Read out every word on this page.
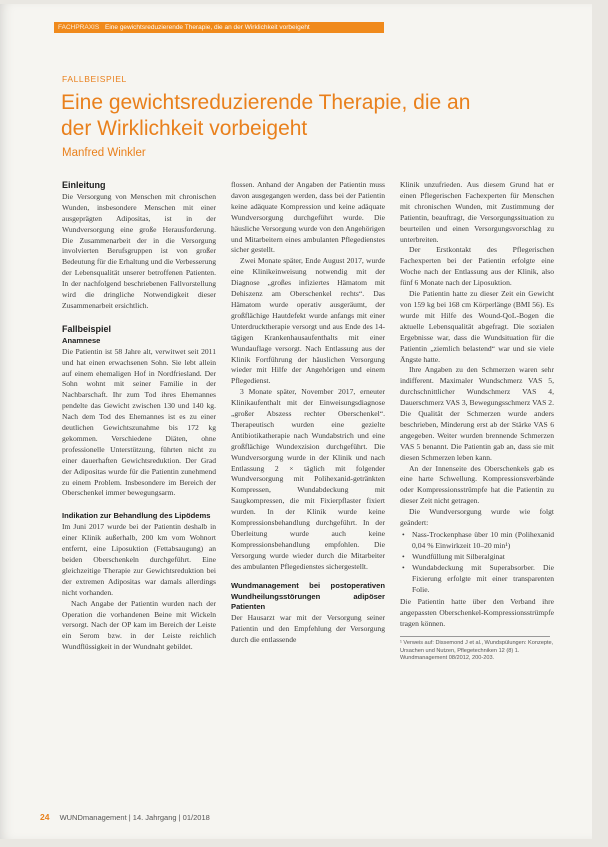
FACHPRAXIS Eine gewichtsreduzierende Therapie, die an der Wirklichkeit vorbeigeht
FALLBEISPIEL
Eine gewichtsreduzierende Therapie, die an der Wirklichkeit vorbeigeht
Manfred Winkler
Einleitung

Die Versorgung von Menschen mit chronischen Wunden, insbesondere Menschen mit einer ausgeprägten Adipositas, ist in der Wundversorgung eine große Herausforderung. Die Zusammenarbeit der in die Versorgung involvierten Berufsgruppen ist von großer Bedeutung für die Erhaltung und die Verbesserung der Lebensqualität unserer betroffenen Patienten. In der nachfolgend beschriebenen Fallvorstellung wird die dringliche Notwendigkeit dieser Zusammenarbeit ersichtlich.

Fallbeispiel
Anamnese

Die Patientin ist 58 Jahre alt, verwitwet seit 2011 und hat einen erwachsenen Sohn. Sie lebt allein auf einem ehemaligen Hof in Nordfriesland. Der Sohn wohnt mit seiner Familie in der Nachbarschaft. Ihr zum Tod ihres Ehemannes pendelte das Gewicht zwischen 130 und 140 kg. Nach dem Tod des Ehemannes ist es zu einer deutlichen Gewichtszunahme bis 172 kg gekommen. Verschiedene Diäten, ohne professionelle Unterstützung, führten nicht zu einer dauerhaften Gewichtsreduktion. Der Grad der Adipositas wurde für die Patientin zunehmend zu einem Problem. Insbesondere im Bereich der Oberschenkel immer bewegungsarm.

Indikation zur Behandlung des Lipödems

Im Juni 2017 wurde bei der Patientin deshalb in einer Klinik außerhalb, 200 km vom Wohnort entfernt, eine Liposuktion (Fettabsaugung) an beiden Oberschenkeln durchgeführt. Eine gleichzeitige Therapie zur Gewichtsreduktion bei der extremen Adipositas war damals allerdings nicht vorhanden.

Nach Angabe der Patientin wurden nach der Operation die vorhandenen Beine mit Wickeln versorgt. Nach der OP kam im Bereich der Leiste ein Serom bzw. in der Leiste reichlich Wundflüssigkeit in der Wundnaht gebildet.

flossen. Anhand der Angaben der Patientin muss davon ausgegangen werden, dass bei der Patientin keine adäquate Kompression und keine adäquate Wundversorgung durchgeführt wurde. Die häusliche Versorgung wurde von den Angehörigen und Mitarbeitern eines ambulanten Pflegedienstes sicher gestellt.

Zwei Monate später, Ende August 2017, wurde eine Klinikeinweisung notwendig mit der Diagnose „großes infiziertes Hämatom mit Dehiszenz am Oberschenkel rechts“. Das Hämatom wurde operativ ausgeräumt, der großflächige Hautdefekt wurde anfangs mit einer Unterdrucktherapie versorgt und aus Ende des 14-tägigen Krankenhausaufenthalts mit einer Wundauflage versorgt. Nach Entlassung aus der Klinik Fortführung der häuslichen Versorgung wieder mit Hilfe der Angehörigen und einem Pflegedienst.

3 Monate später, November 2017, erneuter Klinikaufenthalt mit der Einweisungsdiagnose „großer Abszess rechter Oberschenkel“. Therapeutisch wurden eine gezielte Antibiotikatherapie nach Wundabstrich und eine großflächige Wundexzision durchgeführt. Die Wundversorgung wurde in der Klinik und nach Entlassung 2 × täglich mit folgender Wundversorgung mit Polihexanid-getränkten Kompressen, Wundabdeckung mit Saugkompressen, die mit Fixierpflaster fixiert wurden. In der Klinik wurde keine Kompressionsbehandlung durchgeführt. In der Überleitung wurde auch keine Kompressionsbehandlung empfohlen. Die Versorgung wurde wieder durch die Mitarbeiter des ambulanten Pflegedienstes sichergestellt.

Wundmanagement bei postoperativen Wundheilungsstörungen adipöser Patienten

Der Hausarzt war mit der Versorgung seiner Patientin und den Empfehlung der Versorgung durch die entlassende

Klinik unzufrieden. Aus diesem Grund hat er einen Pflegerischen Fachexperten für Menschen mit chronischen Wunden, mit Zustimmung der Patientin, beauftragt, die Versorgungssituation zu beurteilen und einen Versorgungsvorschlag zu unterbreiten.

Der Erstkontakt des Pflegerischen Fachexperten bei der Patientin erfolgte eine Woche nach der Entlassung aus der Klinik, also fünf 6 Monate nach der Liposuktion.

Die Patientin hatte zu dieser Zeit ein Gewicht von 159 kg bei 168 cm Körperlänge (BMI 56). Es wurde mit Hilfe des Wound-QoL-Bogen die aktuelle Lebensqualität abgefragt. Die sozialen Ergebnisse war, dass die Wundsituation für die Patientin „ziemlich belastend“ war und sie viele Ängste hatte.

Ihre Angaben zu den Schmerzen waren sehr indifferent. Maximaler Wundschmerz VAS 5, durchschnittlicher Wundschmerz VAS 4, Dauerschmerz VAS 3, Bewegungsschmerz VAS 2. Die Qualität der Schmerzen wurde anders beschrieben, Minderung erst ab der Stärke VAS 6 angegeben. Weiter wurden brennende Schmerzen VAS 5 benannt. Die Patientin gab an, dass sie mit diesen Schmerzen leben kann.

An der Innenseite des Oberschenkels gab es eine harte Schwellung. Kompressionsverbände oder Kompressionsstrümpfe hat die Patientin zu dieser Zeit nicht getragen.

Die Wundversorgung wurde wie folgt geändert:

• Nass-Trockenphase über 10 min (Polihexanid 0,04 % Einwirkzeit 10–20 min¹)
• Wundfüllung mit Silberalginat
• Wundabdeckung mit Superabsorber. Die Fixierung erfolgte mit einer transparenten Folie.

Die Patientin hatte über den Verband ihre angepassten Oberschenkel-Kompressionsstrümpfe tragen können.

¹ Verweis auf: Dissemond J et al., Wundspülungen: Konzepte, Ursachen und Nutzen, Pflegetechniken 12 (8) 1. Wundmanagement 08/2012, 200-203.
24 WUNDmanagement | 14. Jahrgang | 01/2018
